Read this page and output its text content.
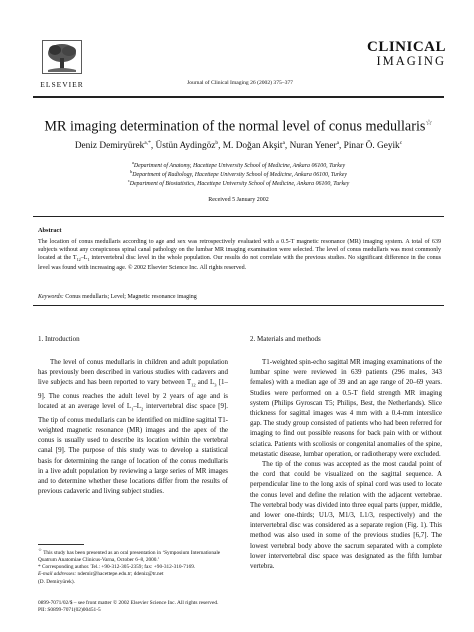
ELSEVIER	Journal of Clinical Imaging 26 (2002) 375–377
CLINICAL
IMAGING
MR imaging determination of the normal level of conus medullaris☆
Deniz Demiryürek$^{a,*}$, Üstün Aydingöz$^b$, M. Doğan Akşit$^a$, Nuran Yener$^a$, Pinar Ö. Geyik$^c$
$^a$Department of Anatomy, Hacettepe University School of Medicine, Ankara 06100, Turkey
$^b$Department of Radiology, Hacettepe University School of Medicine, Ankara 06100, Turkey
$^c$Department of Biostatistics, Hacettepe University School of Medicine, Ankara 06100, Turkey
Received 5 January 2002
Abstract
The location of conus medullaris according to age and sex was retrospectively evaluated with a 0.5-T magnetic resonance (MR) imaging system. A total of 639 subjects without any conspicuous spinal canal pathology on the lumbar MR imaging examination were selected. The level of conus medullaris was most commonly located at the $T_{12}-L_1$ intervertebral disc level in the whole population. Our results do not correlate with the previous studies. No significant difference in the conus level was found with increasing age. © 2002 Elsevier Science Inc. All rights reserved.
Keywords: Conus medullaris; Level; Magnetic resonance imaging
1. Introduction

The level of conus medullaris in children and adult population has previously been described in various studies with cadavers and live subjects and has been reported to vary between $T_{12}$ and $L_3$ [1–9]. The conus reaches the adult level by 2 years of age and is located at an average level of $L_1-L_2$ intervertebral disc space [9]. The tip of conus medullaris can be identified on midline sagittal T1-weighted magnetic resonance (MR) images and the apex of the conus is usually used to describe its location within the vertebral canal [9]. The purpose of this study was to develop a statistical basis for determining the range of location of the conus medullaris in a live adult population by reviewing a large series of MR images and to determine whether these locations differ from the results of previous cadaveric and living subject studies.

☆ This study has been presented as an oral presentation in ‘Symposium Internationale Quatrum Anatomiae Clinicus-Varna, October 6–8, 2000.’
* Corresponding author. Tel.: +90-312-305-2359; fax: +90-312-310-7169.
E-mail addresses: ndemir@hacettepe.edu.tr; ddeniz@tr.net
(D. Demiryürek).
0899-7071/02/$ – see front matter © 2002 Elsevier Science Inc. All rights reserved.
PII: S0899-7071(02)00451-5
2. Materials and methods

T1-weighted spin-echo sagittal MR imaging examinations of the lumbar spine were reviewed in 639 patients (296 males, 343 females) with a median age of 39 and an age range of 20–69 years. Studies were performed on a 0.5-T field strength MR imaging system (Philips Gyroscan T5; Philips, Best, the Netherlands). Slice thickness for sagittal images was 4 mm with a 0.4-mm interslice gap. The study group consisted of patients who had been referred for imaging to find out possible reasons for back pain with or without sciatica. Patients with scoliosis or congenital anomalies of the spine, metastatic disease, lumbar operation, or radiotherapy were excluded.

The tip of the conus was accepted as the most caudal point of the cord that could be visualized on the sagittal sequence. A perpendicular line to the long axis of spinal cord was used to locate the conus level and define the relation with the adjacent vertebrae. The vertebral body was divided into three equal parts (upper, middle, and lower one-thirds; U1/3, M1/3, L1/3, respectively) and the intervertebral disc was considered as a separate region (Fig. 1). This method was also used in some of the previous studies [6,7]. The lowest vertebral body above the sacrum separated with a complete lower intervertebral disc space was designated as the fifth lumbar vertebra.
